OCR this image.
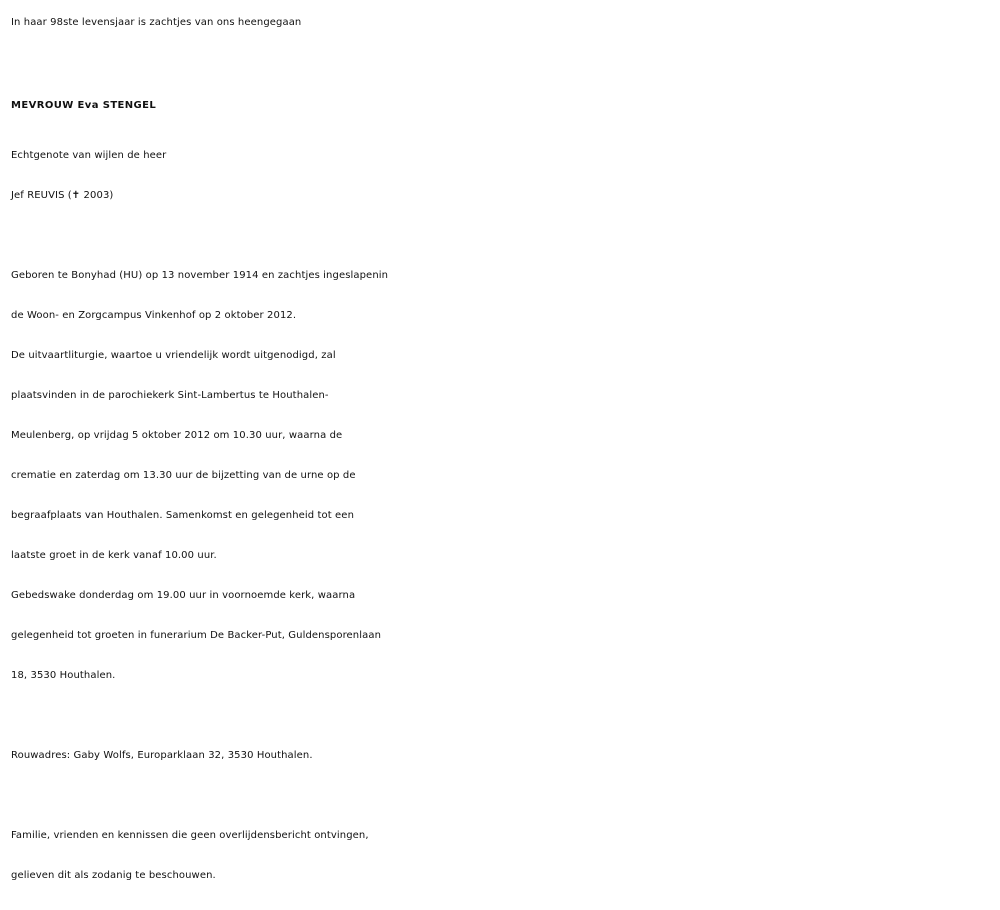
In haar 98ste levensjaar is zachtjes van ons heengegaan
MEVROUW Eva STENGEL
Echtgenote van wijlen de heer
Jef REUVIS (✝ 2003)
Geboren te Bonyhad (HU) op 13 november 1914 en zachtjes ingeslapenin
de Woon- en Zorgcampus Vinkenhof op 2 oktober 2012.
De uitvaartliturgie, waartoe u vriendelijk wordt uitgenodigd, zal
plaatsvinden in de parochiekerk Sint-Lambertus te Houthalen-
Meulenberg, op vrijdag 5 oktober 2012 om 10.30 uur, waarna de
crematie en zaterdag om 13.30 uur de bijzetting van de urne op de
begraafplaats van Houthalen. Samenkomst en gelegenheid tot een
laatste groet in de kerk vanaf 10.00 uur.
Gebedswake donderdag om 19.00 uur in voornoemde kerk, waarna
gelegenheid tot groeten in funerarium De Backer-Put, Guldensporenlaan
18, 3530 Houthalen.
Rouwadres: Gaby Wolfs, Europarklaan 32, 3530 Houthalen.
Familie, vrienden en kennissen die geen overlijdensbericht ontvingen,
gelieven dit als zodanig te beschouwen.
